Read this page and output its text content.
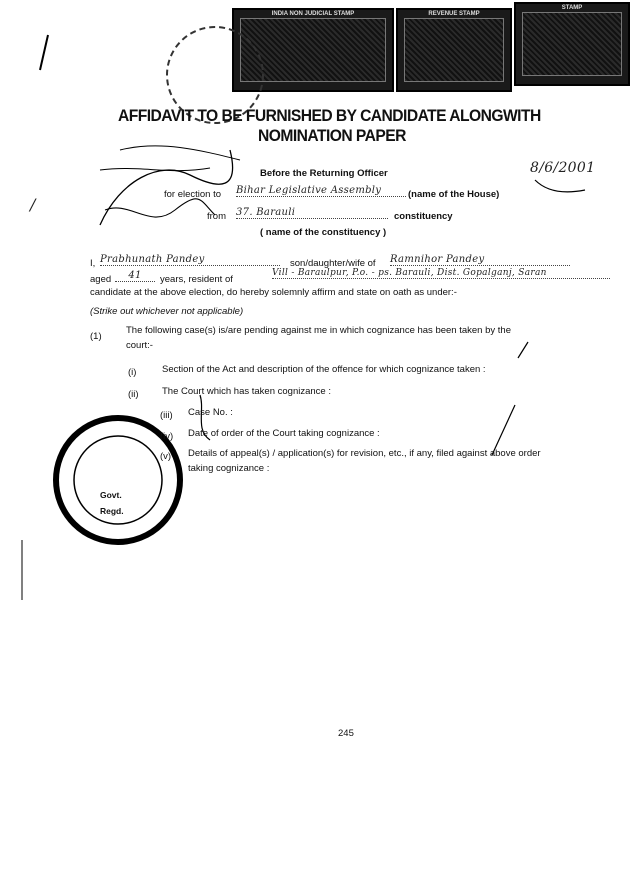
INDIA NON JUDICIAL STAMP	REVENUE STAMP
STAMP
AFFIDAVIT TO BE FURNISHED BY CANDIDATE ALONGWITH
NOMINATION PAPER
8/6/2001
Before the Returning Officer
for election to Bihar Legislative Assembly	(name of the House)
from 37. Barauli	constituency
( name of the constituency )
I, Prabhunath Pandey	son/daughter/wife of Ramnihor Pandey
aged	41	years, resident of
Vill - Baraulpur, P.o. - ps. Barauli, Dist. Gopalganj, Saran
candidate at the above election, do hereby solemnly affirm and state on oath as under:-
(Strike out whichever not applicable)
(1)
The following case(s) is/are pending against me in which cognizance has been taken by the
court:-
(i)	Section of the Act and description of the offence for which cognizance taken :
(ii) The Court which has taken cognizance :
(iii) Case No. :
(iv) Date of order of the Court taking cognizance :
(v) Details of appeal(s) / application(s) for revision, etc., if any, filed against above order
taking cognizance :
Govt.
Regd.
/
245
